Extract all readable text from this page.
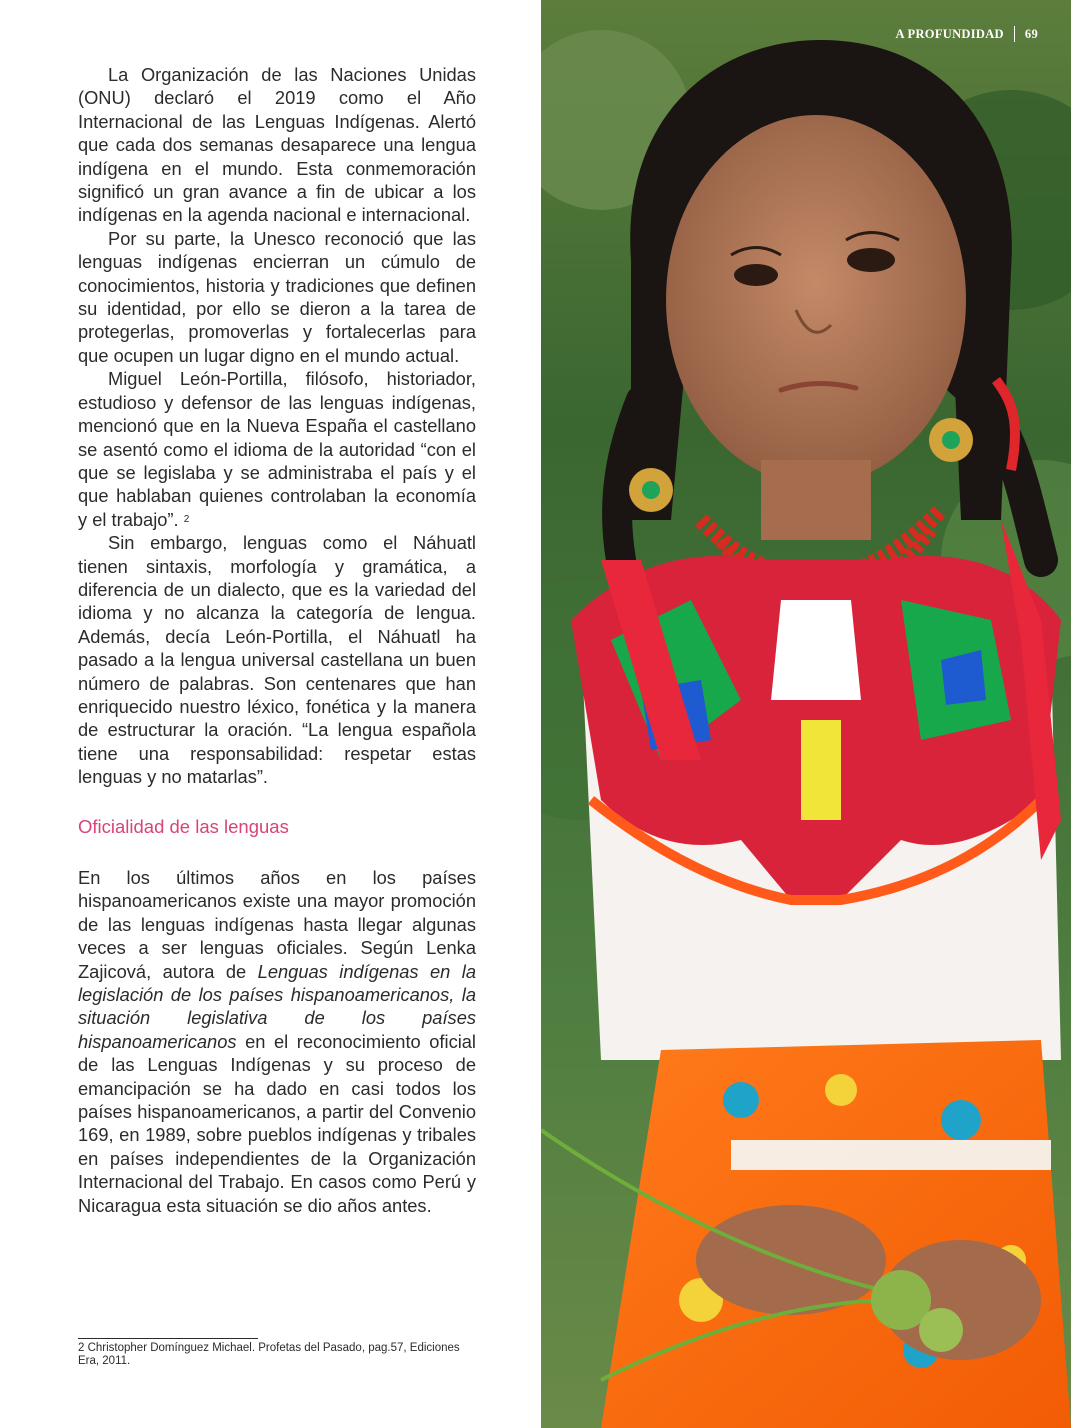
La Organización de las Naciones Unidas (ONU) declaró el 2019 como el Año Internacional de las Lenguas Indígenas. Alertó que cada dos semanas desaparece una lengua indígena en el mundo. Esta conmemoración significó un gran avance a fin de ubicar a los indígenas en la agenda nacional e internacional.

Por su parte, la Unesco reconoció que las lenguas indígenas encierran un cúmulo de conocimientos, historia y tradiciones que definen su identidad, por ello se dieron a la tarea de protegerlas, promoverlas y fortalecerlas para que ocupen un lugar digno en el mundo actual.

Miguel León-Portilla, filósofo, historiador, estudioso y defensor de las lenguas indígenas, mencionó que en la Nueva España el castellano se asentó como el idioma de la autoridad “con el que se legislaba y se administraba el país y el que hablaban quienes controlaban la economía y el trabajo”. $^2$

Sin embargo, lenguas como el Náhuatl tienen sintaxis, morfología y gramática, a diferencia de un dialecto, que es la variedad del idioma y no alcanza la categoría de lengua. Además, decía León-Portilla, el Náhuatl ha pasado a la lengua universal castellana un buen número de palabras. Son centenares que han enriquecido nuestro léxico, fonética y la manera de estructurar la oración. “La lengua española tiene una responsabilidad: respetar estas lenguas y no matarlas”.

Oficialidad de las lenguas

En los últimos años en los países hispanoamericanos existe una mayor promoción de las lenguas indígenas hasta llegar algunas veces a ser lenguas oficiales. Según Lenka Zajicová, autora de Lenguas indígenas en la legislación de los países hispanoamericanos, la situación legislativa de los países hispanoamericanos en el reconocimiento oficial de las Lenguas Indígenas y su proceso de emancipación se ha dado en casi todos los países hispanoamericanos, a partir del Convenio 169, en 1989, sobre pueblos indígenas y tribales en países independientes de la Organización Internacional del Trabajo. En casos como Perú y Nicaragua esta situación se dio años antes.

2 Christopher Domínguez Michael. Profetas del Pasado, pag.57, Ediciones Era, 2011.
A PROFUNDIDAD 69
